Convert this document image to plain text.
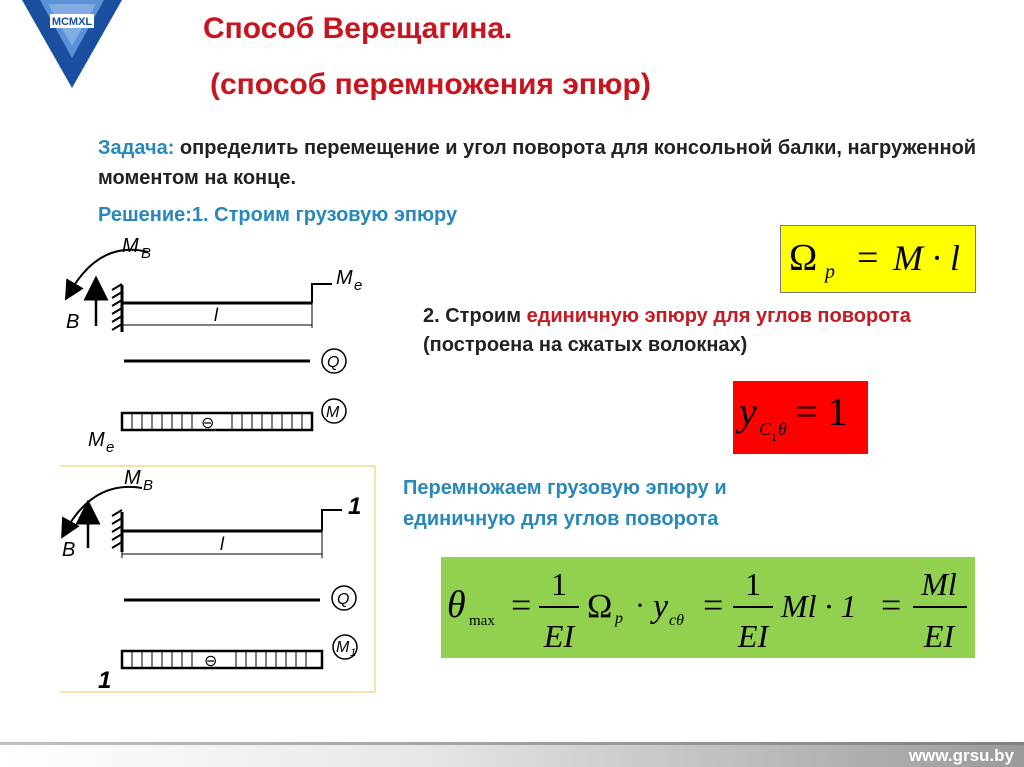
MCMXL	Способ Верещагина.
(способ перемножения эпюр)
Задача: определить перемещение и угол поворота для консольной балки, нагруженной моментом на конце.
Решение:1. Строим грузовую эпюру
2. Строим единичную эпюру для углов поворота (построена на сжатых волокнах)
Перемножаем грузовую эпюру и
единичную для углов поворота
Ω p = M · l
y C 1 θ = 1
θ max =
1
EI
Ω p · y cθ =
1
EI
Ml · 1 =
Ml
EI
M B
B
M e
l
Q
M
M e
⊖
M B
B
1
l
Q
M 1
1
⊖
www.grsu.by
